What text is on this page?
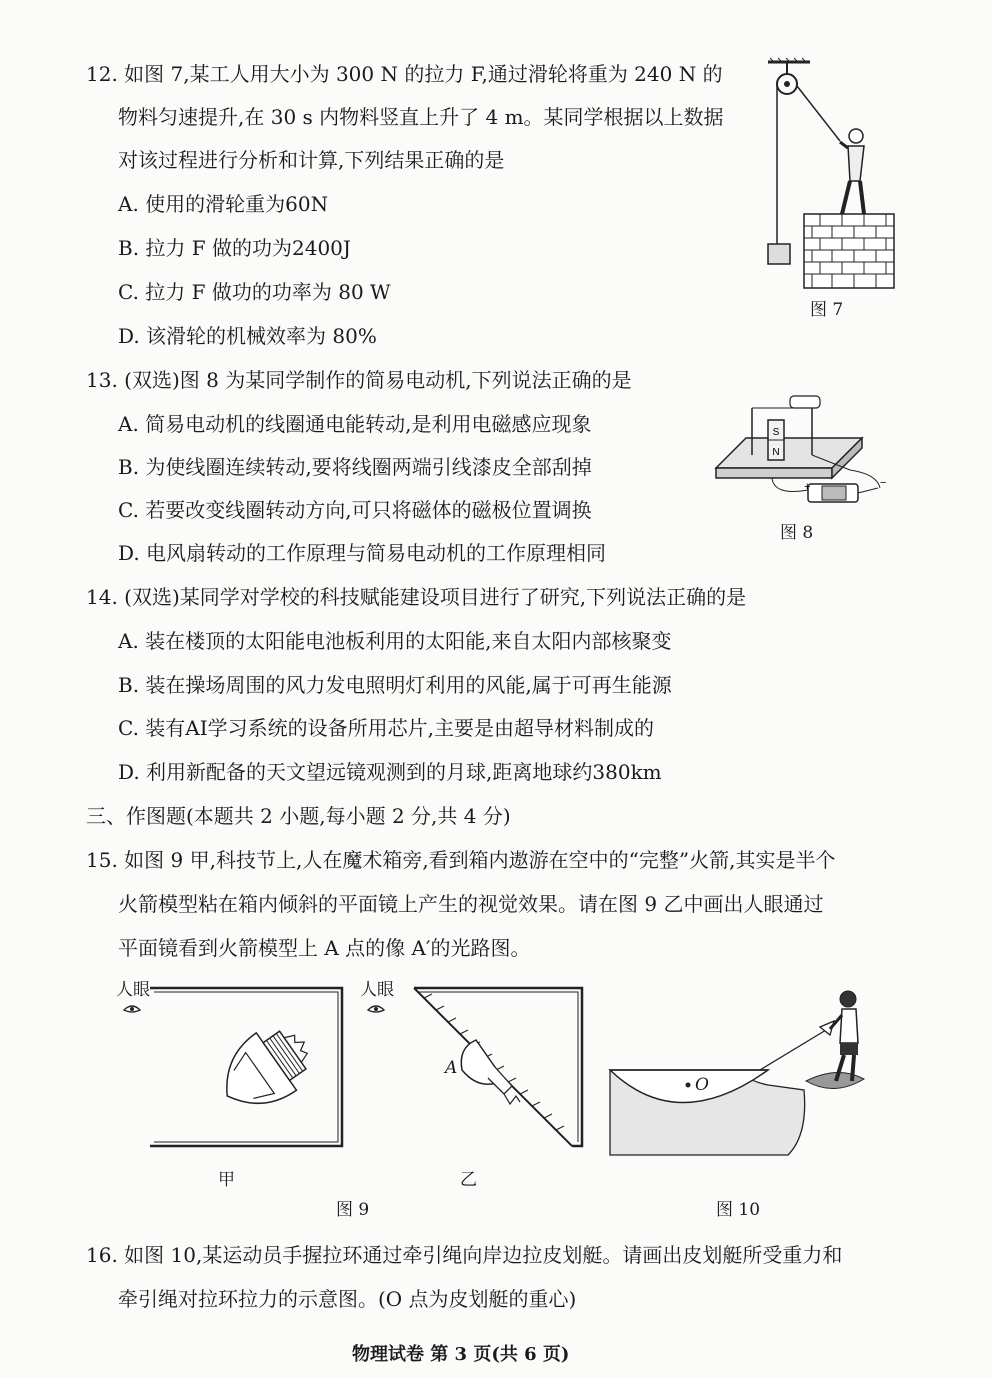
12. 如图 7,某工人用大小为 300 N 的拉力 F,通过滑轮将重为 240 N 的
物料匀速提升,在 30 s 内物料竖直上升了 4 m。某同学根据以上数据
对该过程进行分析和计算,下列结果正确的是
A. 使用的滑轮重为60N
B. 拉力 F 做的功为2400J
C. 拉力 F 做功的功率为 80 W
D. 该滑轮的机械效率为 80%
图 7
13. (双选)图 8 为某同学制作的简易电动机,下列说法正确的是
A. 简易电动机的线圈通电能转动,是利用电磁感应现象
B. 为使线圈连续转动,要将线圈两端引线漆皮全部刮掉
C. 若要改变线圈转动方向,可只将磁体的磁极位置调换
D. 电风扇转动的工作原理与简易电动机的工作原理相同
S
N
+	−
图 8
14. (双选)某同学对学校的科技赋能建设项目进行了研究,下列说法正确的是
A. 装在楼顶的太阳能电池板利用的太阳能,来自太阳内部核聚变
B. 装在操场周围的风力发电照明灯利用的风能,属于可再生能源
C. 装有AI学习系统的设备所用芯片,主要是由超导材料制成的
D. 利用新配备的天文望远镜观测到的月球,距离地球约380km
三、作图题(本题共 2 小题,每小题 2 分,共 4 分)
15. 如图 9 甲,科技节上,人在魔术箱旁,看到箱内遨游在空中的“完整”火箭,其实是半个
火箭模型粘在箱内倾斜的平面镜上产生的视觉效果。请在图 9 乙中画出人眼通过
平面镜看到火箭模型上 A 点的像 A′的光路图。
人眼
甲
人眼
A
乙
图 9
O
图 10
16. 如图 10,某运动员手握拉环通过牵引绳向岸边拉皮划艇。请画出皮划艇所受重力和
牵引绳对拉环拉力的示意图。(O 点为皮划艇的重心)
物理试卷 第 3 页(共 6 页)
